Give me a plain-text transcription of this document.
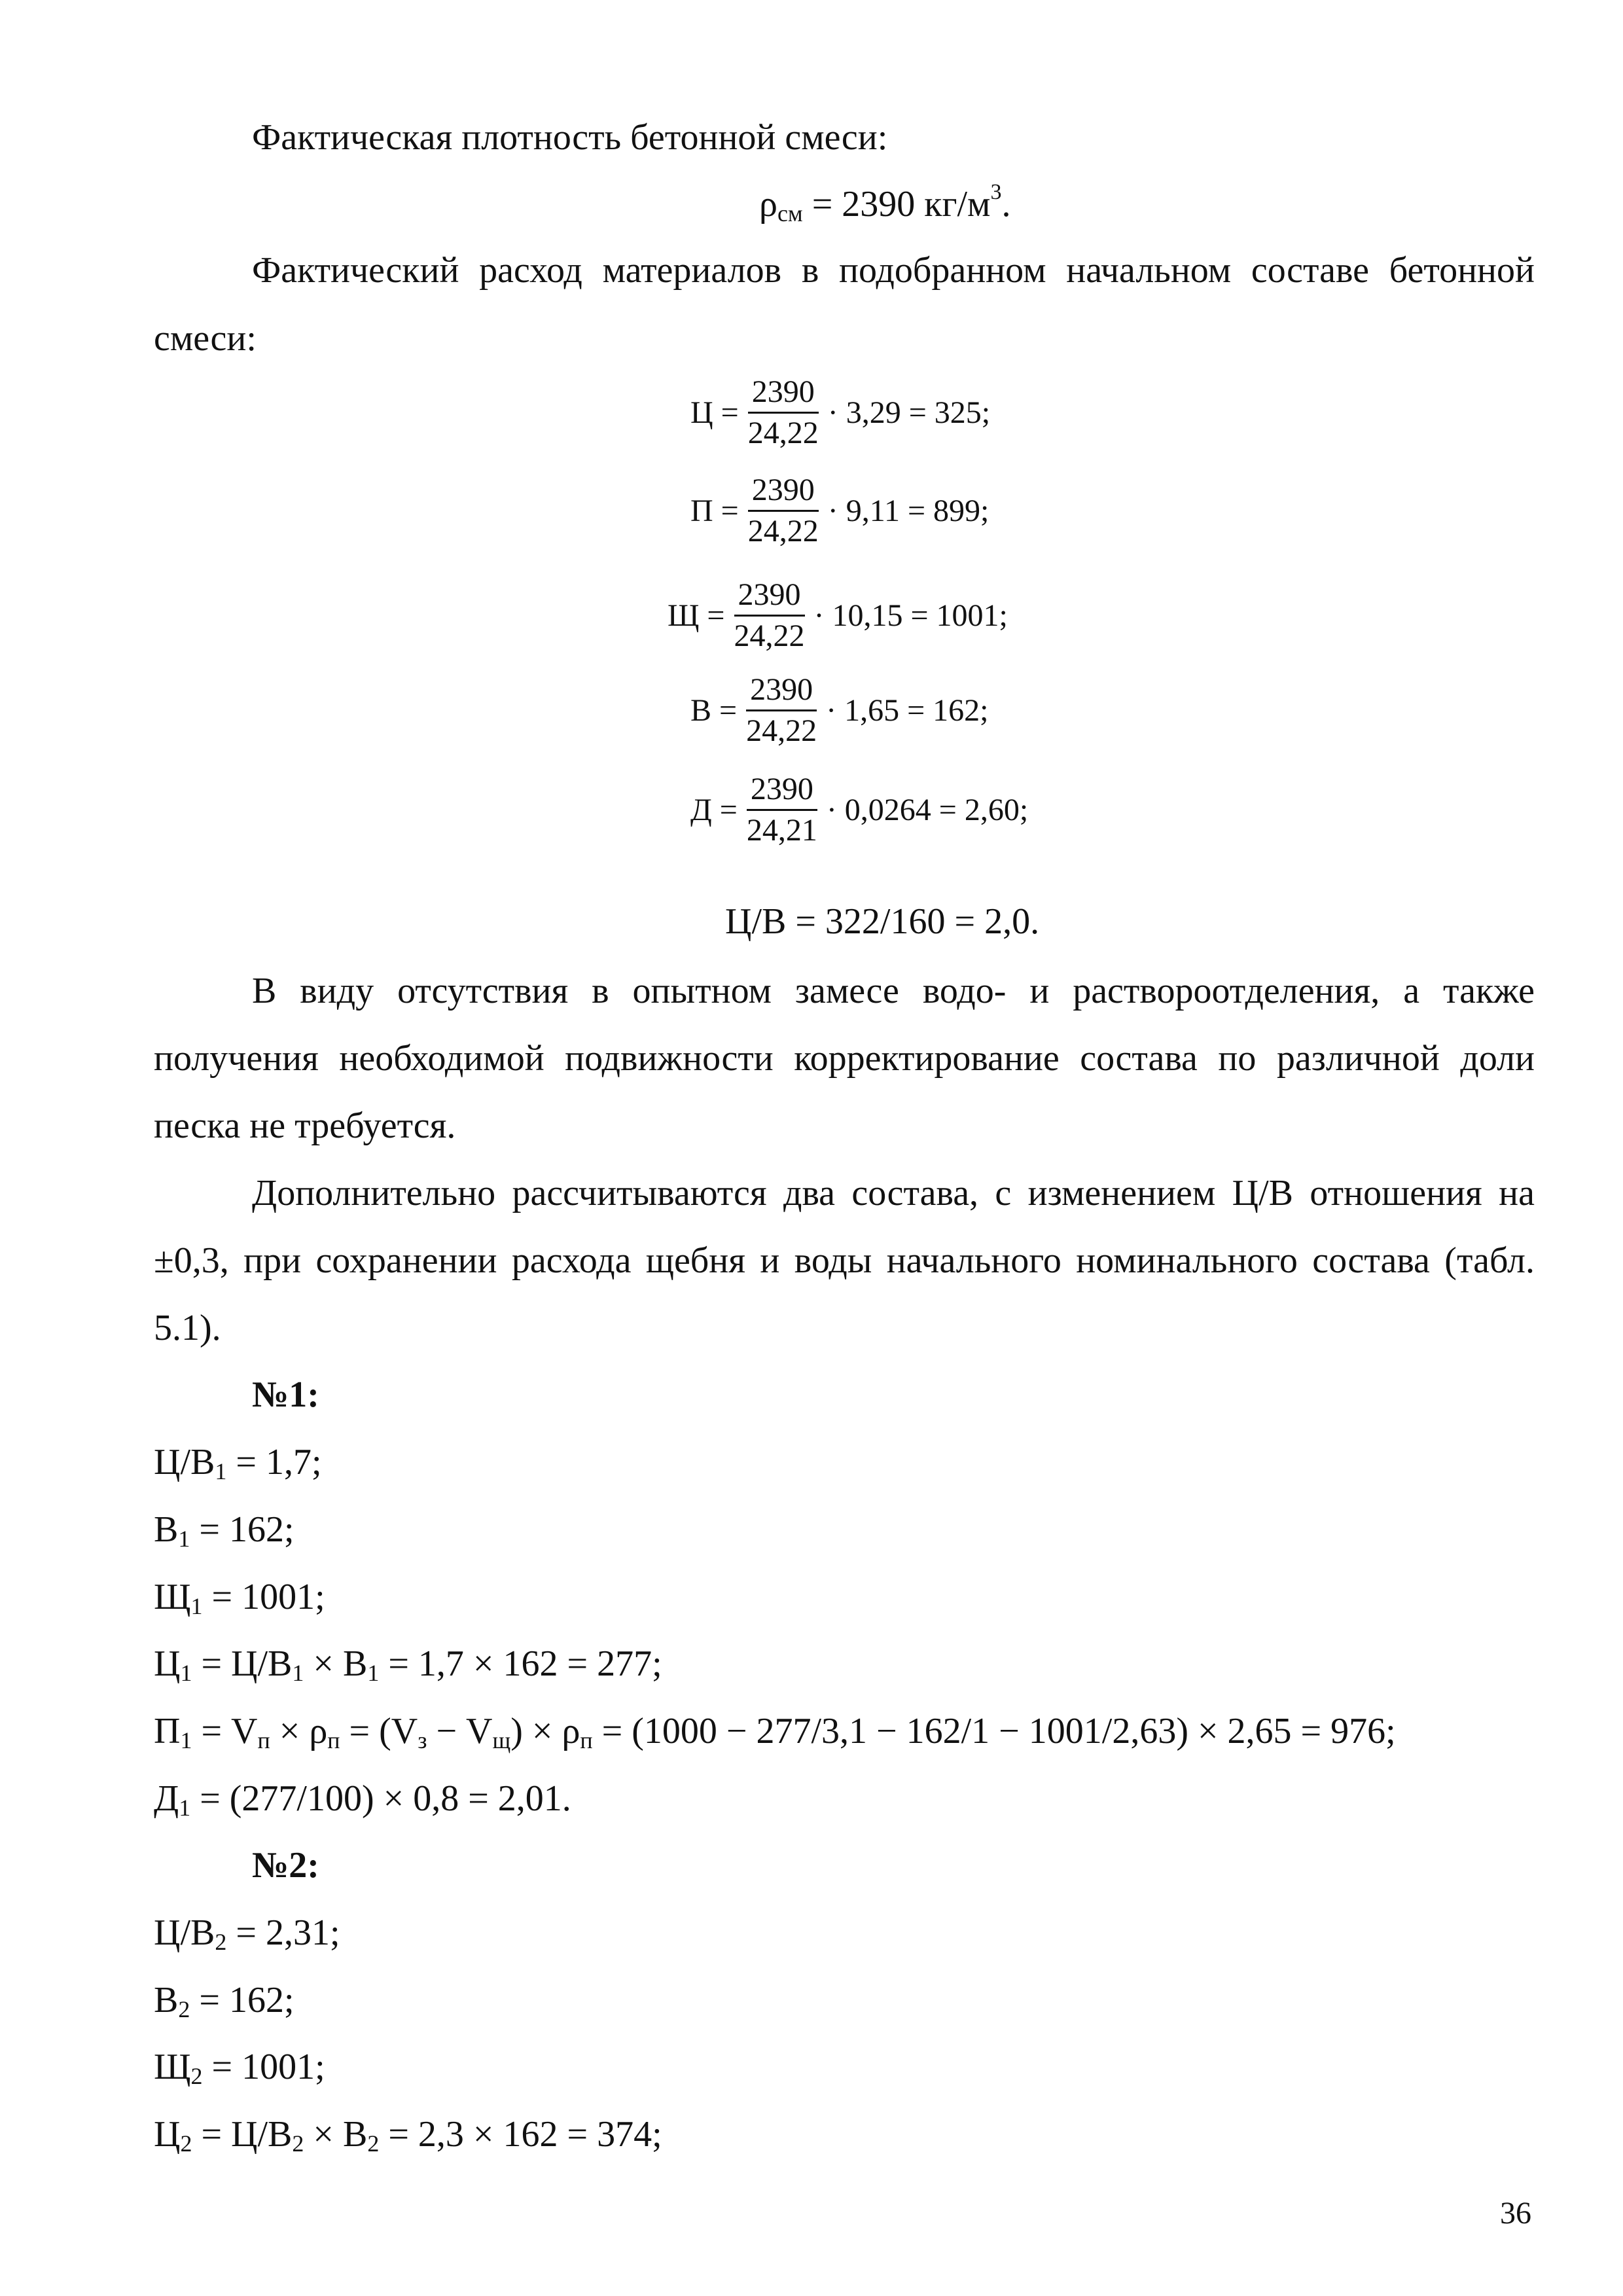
Фактическая плотность бетонной смеси:
$\rho_{см} = 2390$ $кг/м^3$.
Фактический расход материалов в подобранном начальном составе бетонной
смеси:
$Ц = \frac{2390}{24,22} \cdot 3,29 = 325$;
$П = \frac{2390}{24,22} \cdot 9,11 = 899$;
$Щ = \frac{2390}{24,22} \cdot 10,15 = 1001$;
$В = \frac{2390}{24,22} \cdot 1,65 = 162$;
$Д = \frac{2390}{24,21} \cdot 0,0264 = 2,60$;
Ц/В = 322/160 = 2,0.
В виду отсутствия в опытном замесе водо- и раствороотделения, а также
получения необходимой подвижности корректирование состава по различной доли
песка не требуется.
Дополнительно рассчитываются два состава, с изменением Ц/В отношения на
±0,3, при сохранении расхода щебня и воды начального номинального состава (табл.
5.1).
№1:
$Ц/В_1 = 1,7$;
$В_1 = 162$;
$Щ_1 = 1001$;
$Ц_1 = Ц/В_1 \times В_1 = 1,7 \times 162 = 277$;
$П_1 = V_п \times \rho_п = (V_з - V_щ) \times \rho_п = (1000 - 277/3,1 - 162/1 - 1001/2,63) \times 2,65 = 976$;
$Д_1 = (277/100) \times 0,8 = 2,01$.
№2:
$Ц/В_2 = 2,31$;
$В_2 = 162$;
$Щ_2 = 1001$;
$Ц_2 = Ц/В_2 \times В_2 = 2,3 \times 162 = 374$;
36
